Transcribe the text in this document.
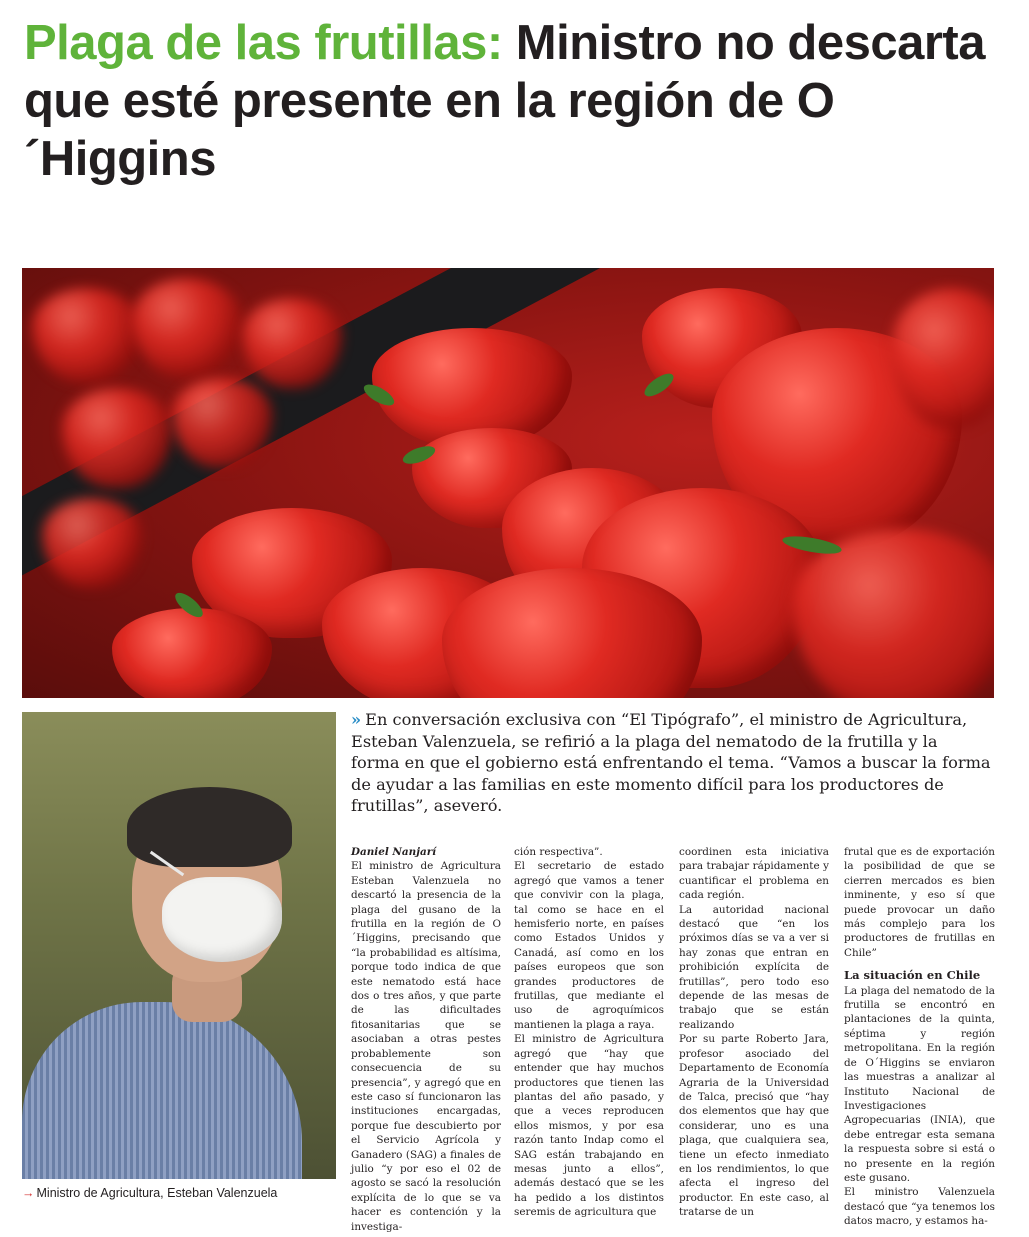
Plaga de las frutillas: Ministro no descarta que esté presente en la región de O´Higgins
→ Ministro de Agricultura, Esteban Valenzuela
» En conversación exclusiva con “El Tipógrafo”, el ministro de Agricultura, Esteban Valenzuela, se refirió a la plaga del nematodo de la frutilla y la forma en que el gobierno está enfrentando el tema. “Vamos a buscar la forma de ayudar a las familias en este momento difícil para los productores de frutillas”, aseveró.

Daniel Nanjarí

El ministro de Agricultura Esteban Valenzuela no descartó la presencia de la plaga del gusano de la frutilla en la región de O´Higgins, precisando que “la probabilidad es altísima, porque todo indica de que este nematodo está hace dos o tres años, y que parte de las dificultades fitosanitarias que se asociaban a otras pestes probablemente son consecuencia de su presencia”, y agregó que en este caso sí funcionaron las instituciones encargadas, porque fue descubierto por el Servicio Agrícola y Ganadero (SAG) a finales de julio “y por eso el 02 de agosto se sacó la resolución explícita de lo que se va hacer es contención y la investiga-

ción respectiva”.

El secretario de estado agregó que vamos a tener que convivir con la plaga, tal como se hace en el hemisferio norte, en países como Estados Unidos y Canadá, así como en los países europeos que son grandes productores de frutillas, que mediante el uso de agroquímicos mantienen la plaga a raya.

El ministro de Agricultura agregó que “hay que entender que hay muchos productores que tienen las plantas del año pasado, y que a veces reproducen ellos mismos, y por esa razón tanto Indap como el SAG están trabajando en mesas junto a ellos”, además destacó que se les ha pedido a los distintos seremis de agricultura que

coordinen esta iniciativa para trabajar rápidamente y cuantificar el problema en cada región.

La autoridad nacional destacó que “en los próximos días se va a ver si hay zonas que entran en prohibición explícita de frutillas”, pero todo eso depende de las mesas de trabajo que se están realizando

Por su parte Roberto Jara, profesor asociado del Departamento de Economía Agraria de la Universidad de Talca, precisó que “hay dos elementos que hay que considerar, uno es una plaga, que cualquiera sea, tiene un efecto inmediato en los rendimientos, lo que afecta el ingreso del productor. En este caso, al tratarse de un

frutal que es de exportación la posibilidad de que se cierren mercados es bien inminente, y eso sí que puede provocar un daño más complejo para los productores de frutillas en Chile”

La situación en Chile

La plaga del nematodo de la frutilla se encontró en plantaciones de la quinta, séptima y región metropolitana. En la región de O´Higgins se enviaron las muestras a analizar al Instituto Nacional de Investigaciones Agropecuarias (INIA), que debe entregar esta semana la respuesta sobre si está o no presente en la región este gusano.

El ministro Valenzuela destacó que “ya tenemos los datos macro, y estamos ha-
